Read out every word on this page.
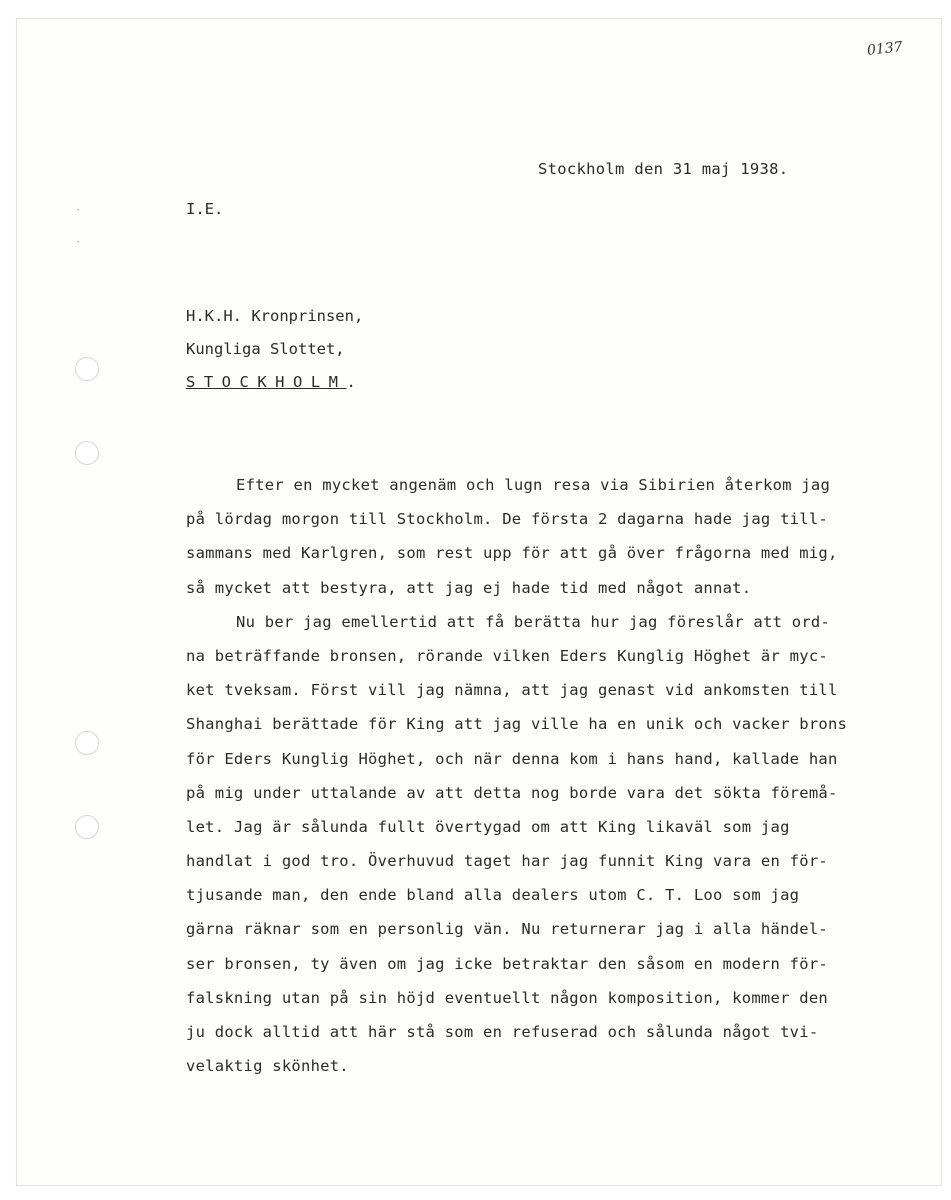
0137
·
·
Stockholm den 31 maj 1938.
I.E.
H.K.H. Kronprinsen,
Kungliga Slottet,
STOCKHOLM.
Efter en mycket angenäm och lugn resa via Sibirien återkom jag
på lördag morgon till Stockholm. De första 2 dagarna hade jag till-
sammans med Karlgren, som rest upp för att gå över frågorna med mig,
så mycket att bestyra, att jag ej hade tid med något annat.
Nu ber jag emellertid att få berätta hur jag föreslår att ord-
na beträffande bronsen, rörande vilken Eders Kunglig Höghet är myc-
ket tveksam. Först vill jag nämna, att jag genast vid ankomsten till
Shanghai berättade för King att jag ville ha en unik och vacker brons
för Eders Kunglig Höghet, och när denna kom i hans hand, kallade han
på mig under uttalande av att detta nog borde vara det sökta föremå-
let. Jag är sålunda fullt övertygad om att King likaväl som jag
handlat i god tro. Överhuvud taget har jag funnit King vara en för-
tjusande man, den ende bland alla dealers utom C. T. Loo som jag
gärna räknar som en personlig vän. Nu returnerar jag i alla händel-
ser bronsen, ty även om jag icke betraktar den såsom en modern för-
falskning utan på sin höjd eventuellt någon komposition, kommer den
ju dock alltid att här stå som en refuserad och sålunda något tvi-
velaktig skönhet.
